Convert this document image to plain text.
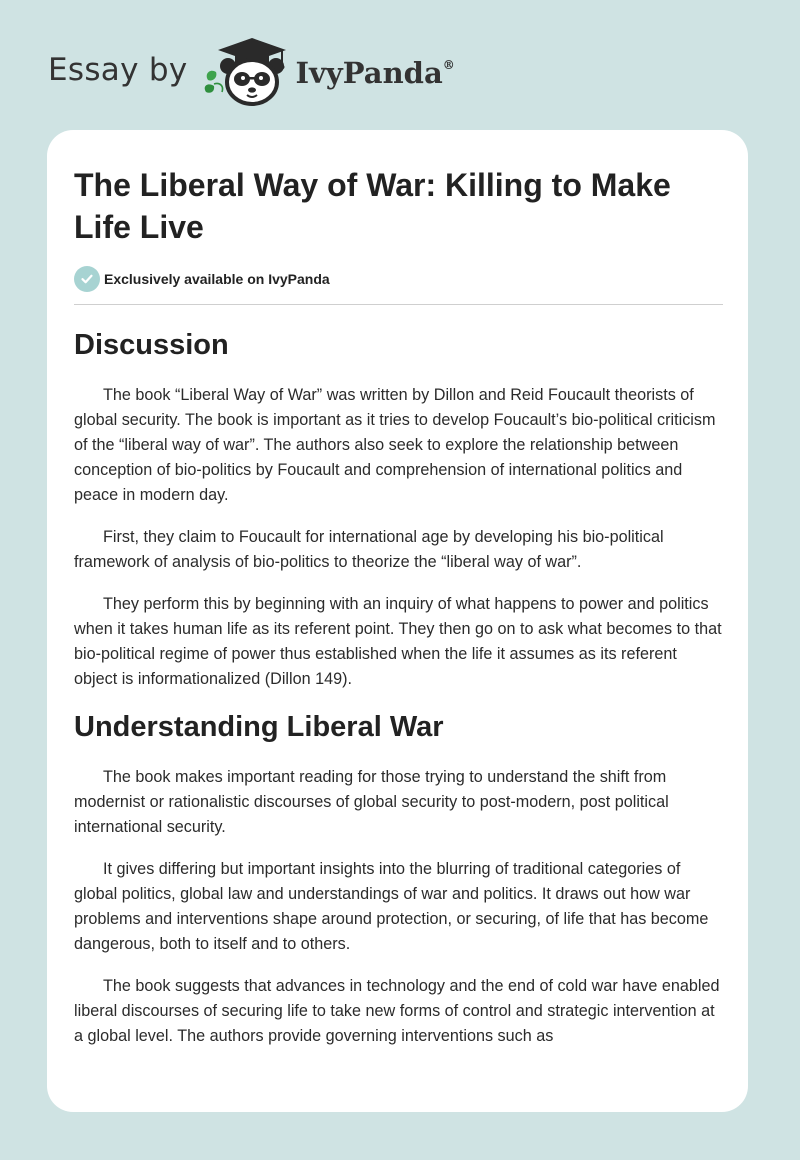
Essay by	IvyPanda®
The Liberal Way of War: Killing to Make Life Live
Exclusively available on IvyPanda
Discussion

The book “Liberal Way of War” was written by Dillon and Reid Foucault theorists of global security. The book is important as it tries to develop Foucault’s bio-political criticism of the “liberal way of war”. The authors also seek to explore the relationship between conception of bio-politics by Foucault and comprehension of international politics and peace in modern day.

First, they claim to Foucault for international age by developing his bio-political framework of analysis of bio-politics to theorize the “liberal way of war”.

They perform this by beginning with an inquiry of what happens to power and politics when it takes human life as its referent point. They then go on to ask what becomes to that bio-political regime of power thus established when the life it assumes as its referent object is informationalized (Dillon 149).

Understanding Liberal War

The book makes important reading for those trying to understand the shift from modernist or rationalistic discourses of global security to post-modern, post political international security.

It gives differing but important insights into the blurring of traditional categories of global politics, global law and understandings of war and politics. It draws out how war problems and interventions shape around protection, or securing, of life that has become dangerous, both to itself and to others.

The book suggests that advances in technology and the end of cold war have enabled liberal discourses of securing life to take new forms of control and strategic intervention at a global level. The authors provide governing interventions such as
